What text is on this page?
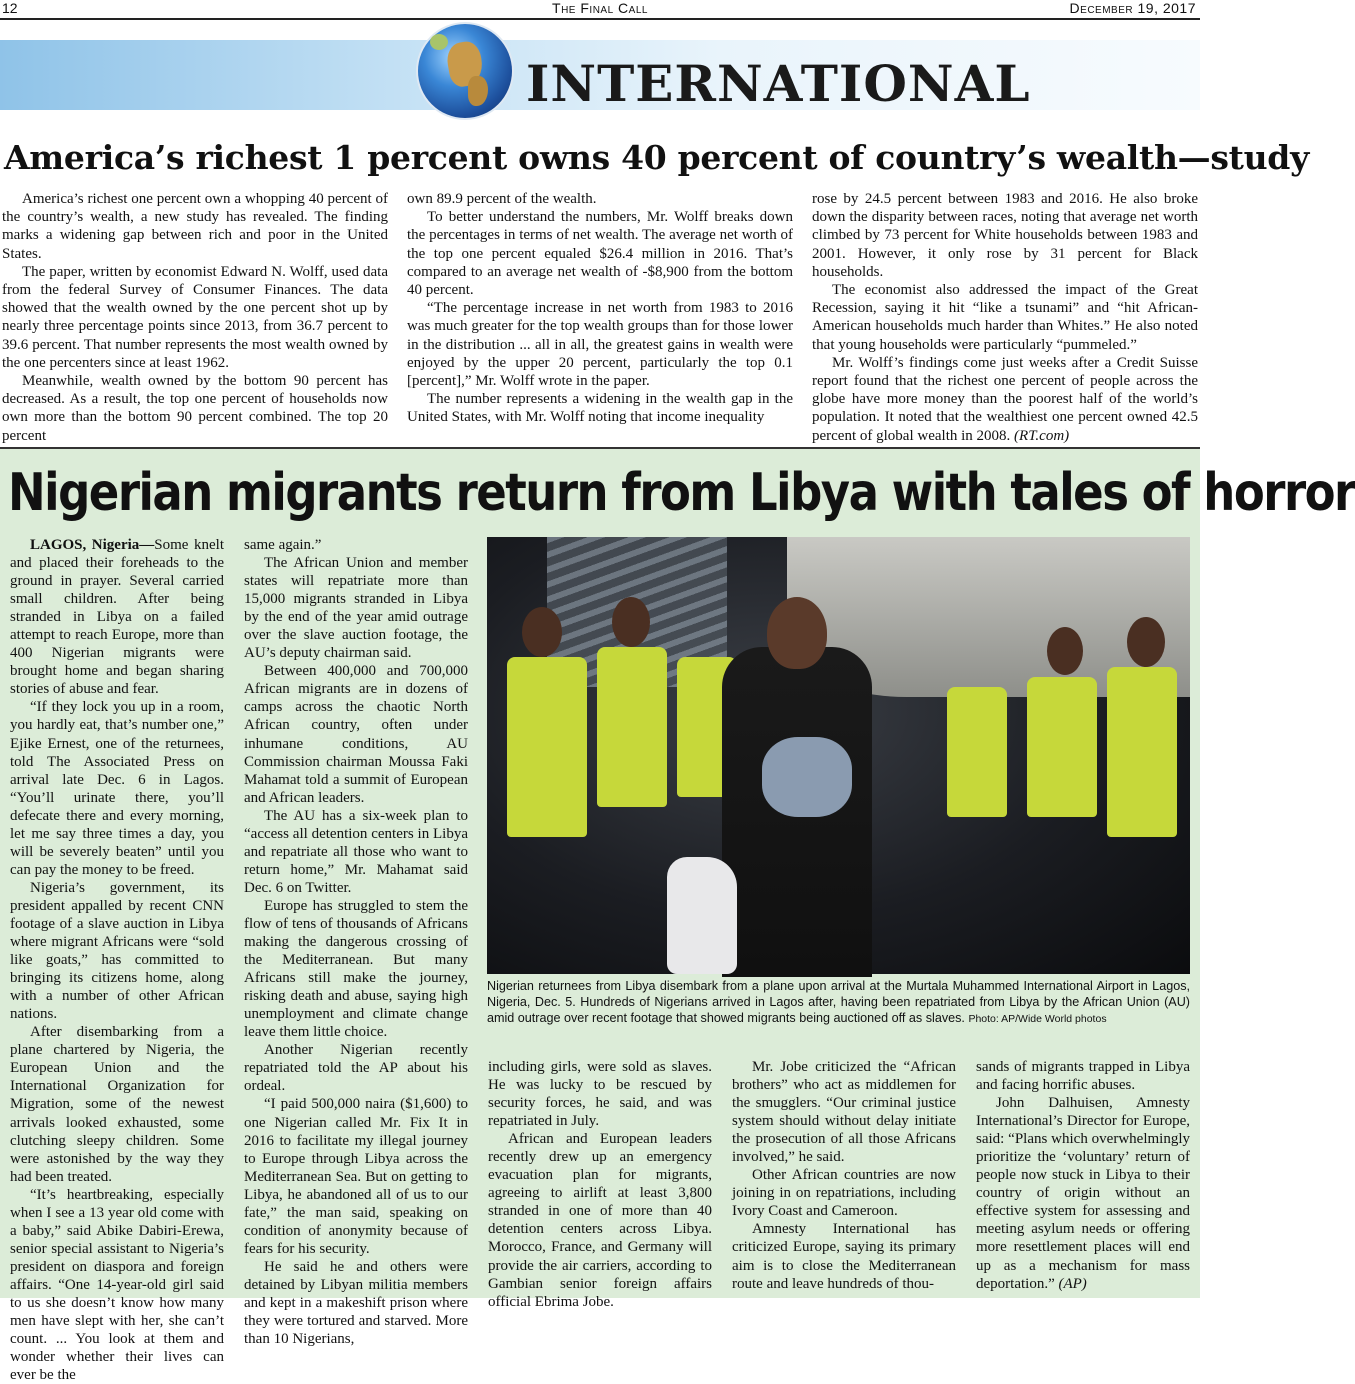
12	The Final Call	December 19, 2017
INTERNATIONAL
America’s richest 1 percent owns 40 percent of country’s wealth—study

America’s richest one percent own a whopping 40 percent of the country’s wealth, a new study has revealed. The finding marks a widening gap between rich and poor in the United States.

The paper, written by economist Edward N. Wolff, used data from the federal Survey of Consumer Finances. The data showed that the wealth owned by the one percent shot up by nearly three percentage points since 2013, from 36.7 percent to 39.6 percent. That number represents the most wealth owned by the one percenters since at least 1962.

Meanwhile, wealth owned by the bottom 90 percent has decreased. As a result, the top one percent of households now own more than the bottom 90 percent combined. The top 20 percent

own 89.9 percent of the wealth.

To better understand the numbers, Mr. Wolff breaks down the percentages in terms of net wealth. The average net worth of the top one percent equaled $26.4 million in 2016. That’s compared to an average net wealth of -$8,900 from the bottom 40 percent.

“The percentage increase in net worth from 1983 to 2016 was much greater for the top wealth groups than for those lower in the distribution ... all in all, the greatest gains in wealth were enjoyed by the upper 20 percent, particularly the top 0.1 [percent],” Mr. Wolff wrote in the paper.

The number represents a widening in the wealth gap in the United States, with Mr. Wolff noting that income inequality

rose by 24.5 percent between 1983 and 2016. He also broke down the disparity between races, noting that average net worth climbed by 73 percent for White households between 1983 and 2001. However, it only rose by 31 percent for Black households.

The economist also addressed the impact of the Great Recession, saying it hit “like a tsunami” and “hit African-American households much harder than Whites.” He also noted that young households were particularly “pummeled.”

Mr. Wolff’s findings come just weeks after a Credit Suisse report found that the richest one percent of people across the globe have more money than the poorest half of the world’s population. It noted that the wealthiest one percent owned 42.5 percent of global wealth in 2008. (RT.com)

Nigerian migrants return from Libya with tales of horror

LAGOS, Nigeria—Some knelt and placed their foreheads to the ground in prayer. Several carried small children. After being stranded in Libya on a failed attempt to reach Europe, more than 400 Nigerian migrants were brought home and began sharing stories of abuse and fear.

“If they lock you up in a room, you hardly eat, that’s number one,” Ejike Ernest, one of the returnees, told The Associated Press on arrival late Dec. 6 in Lagos. “You’ll urinate there, you’ll defecate there and every morning, let me say three times a day, you will be severely beaten” until you can pay the money to be freed.

Nigeria’s government, its president appalled by recent CNN footage of a slave auction in Libya where migrant Africans were “sold like goats,” has committed to bringing its citizens home, along with a number of other African nations.

After disembarking from a plane chartered by Nigeria, the European Union and the International Organization for Migration, some of the newest arrivals looked exhausted, some clutching sleepy children. Some were astonished by the way they had been treated.

“It’s heartbreaking, especially when I see a 13 year old come with a baby,” said Abike Dabiri-Erewa, senior special assistant to Nigeria’s president on diaspora and foreign affairs. “One 14-year-old girl said to us she doesn’t know how many men have slept with her, she can’t count. ... You look at them and wonder whether their lives can ever be the

same again.”

The African Union and member states will repatriate more than 15,000 migrants stranded in Libya by the end of the year amid outrage over the slave auction footage, the AU’s deputy chairman said.

Between 400,000 and 700,000 African migrants are in dozens of camps across the chaotic North African country, often under inhumane conditions, AU Commission chairman Moussa Faki Mahamat told a summit of European and African leaders.

The AU has a six-week plan to “access all detention centers in Libya and repatriate all those who want to return home,” Mr. Mahamat said Dec. 6 on Twitter.

Europe has struggled to stem the flow of tens of thousands of Africans making the dangerous crossing of the Mediterranean. But many Africans still make the journey, risking death and abuse, saying high unemployment and climate change leave them little choice.

Another Nigerian recently repatriated told the AP about his ordeal.

“I paid 500,000 naira ($1,600) to one Nigerian called Mr. Fix It in 2016 to facilitate my illegal journey to Europe through Libya across the Mediterranean Sea. But on getting to Libya, he abandoned all of us to our fate,” the man said, speaking on condition of anonymity because of fears for his security.

He said he and others were detained by Libyan militia members and kept in a makeshift prison where they were tortured and starved. More than 10 Nigerians,

Nigerian returnees from Libya disembark from a plane upon arrival at the Murtala Muhammed International Airport in Lagos, Nigeria, Dec. 5. Hundreds of Nigerians arrived in Lagos after, having been repatriated from Libya by the African Union (AU) amid outrage over recent footage that showed migrants being auctioned off as slaves. Photo: AP/Wide World photos

including girls, were sold as slaves. He was lucky to be rescued by security forces, he said, and was repatriated in July.

African and European leaders recently drew up an emergency evacuation plan for migrants, agreeing to airlift at least 3,800 stranded in one of more than 40 detention centers across Libya. Morocco, France, and Germany will provide the air carriers, according to Gambian senior foreign affairs official Ebrima Jobe.

Mr. Jobe criticized the “African brothers” who act as middlemen for the smugglers. “Our criminal justice system should without delay initiate the prosecution of all those Africans involved,” he said.

Other African countries are now joining in on repatriations, including Ivory Coast and Cameroon.

Amnesty International has criticized Europe, saying its primary aim is to close the Mediterranean route and leave hundreds of thou-

sands of migrants trapped in Libya and facing horrific abuses.

John Dalhuisen, Amnesty International’s Director for Europe, said: “Plans which overwhelmingly prioritize the ‘voluntary’ return of people now stuck in Libya to their country of origin without an effective system for assessing and meeting asylum needs or offering more resettlement places will end up as a mechanism for mass deportation.” (AP)
